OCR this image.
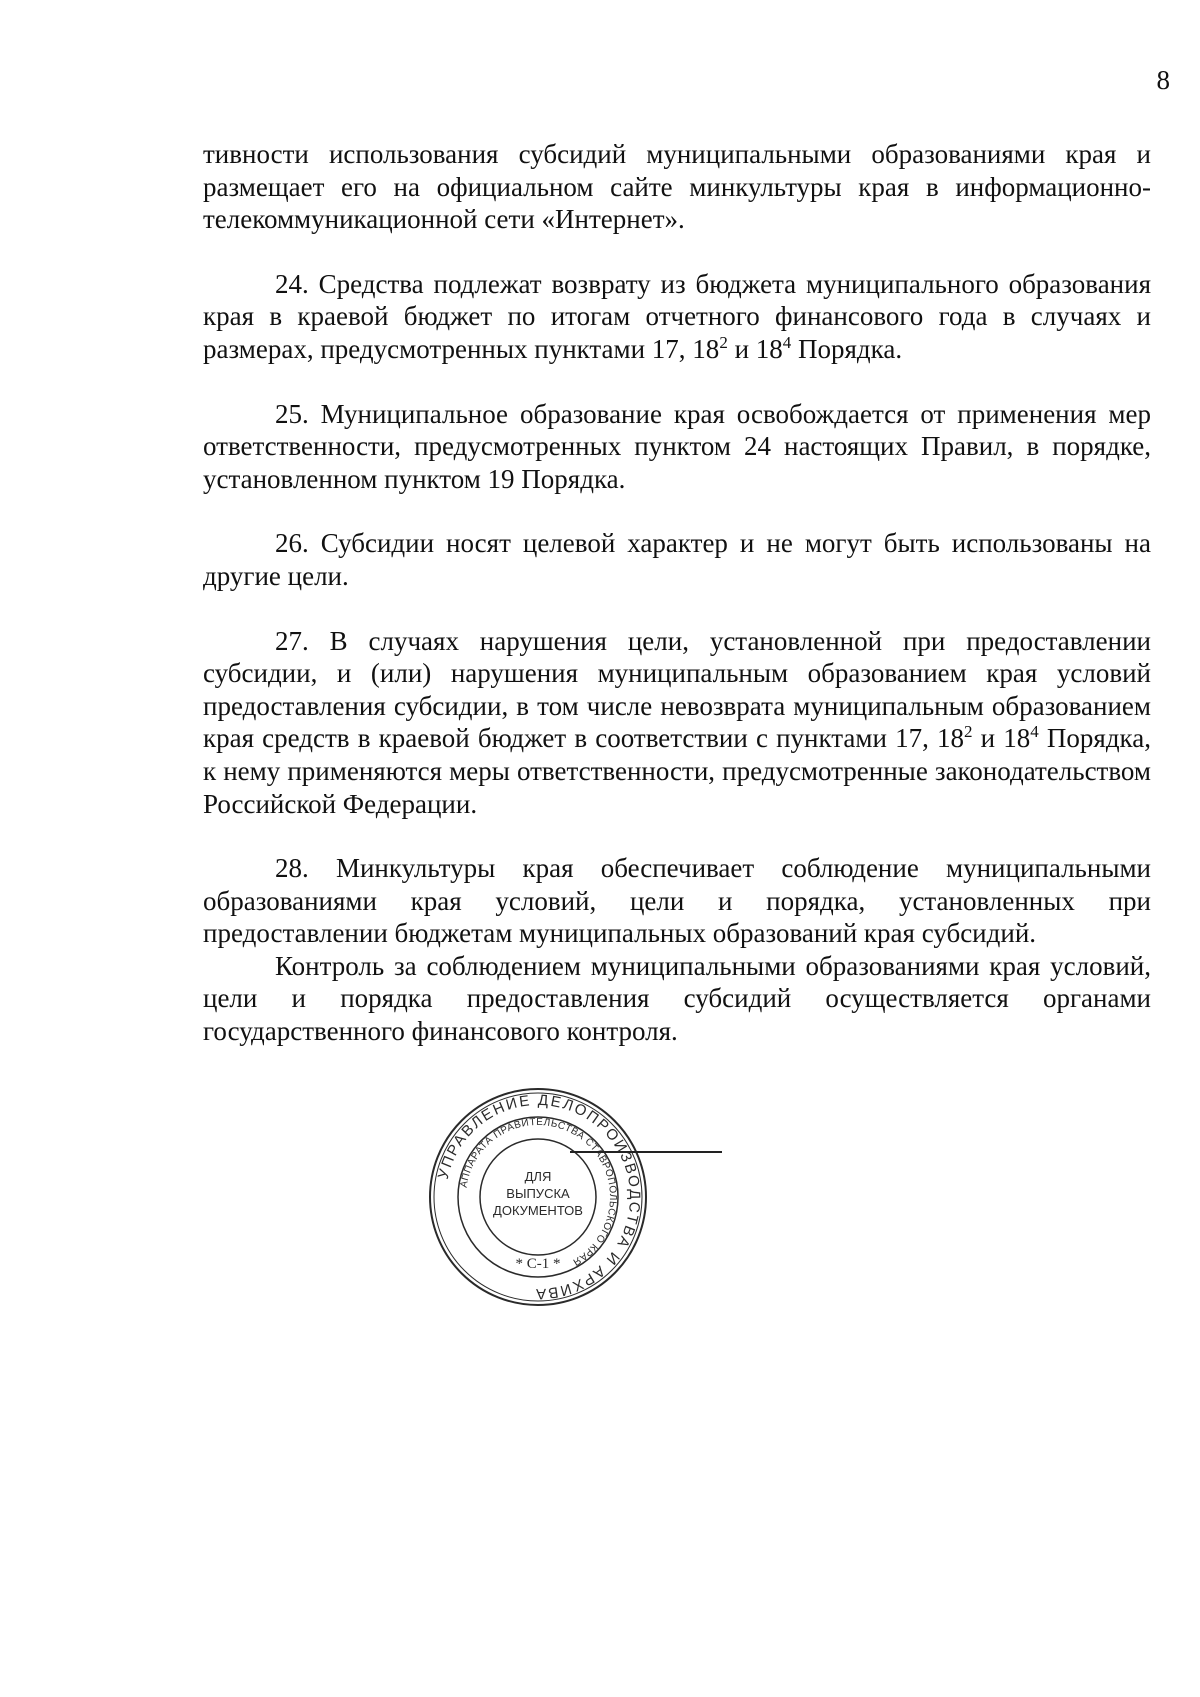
8

тивности использования субсидий муниципальными образованиями края и размещает его на официальном сайте минкультуры края в информационно-телекоммуникационной сети «Интернет».

24. Средства подлежат возврату из бюджета муниципального образования края в краевой бюджет по итогам отчетного финансового года в случаях и размерах, предусмотренных пунктами 17, $18^2$ и $18^4$ Порядка.

25. Муниципальное образование края освобождается от применения мер ответственности, предусмотренных пунктом 24 настоящих Правил, в порядке, установленном пунктом 19 Порядка.

26. Субсидии носят целевой характер и не могут быть использованы на другие цели.

27. В случаях нарушения цели, установленной при предоставлении субсидии, и (или) нарушения муниципальным образованием края условий предоставления субсидии, в том числе невозврата муниципальным образованием края средств в краевой бюджет в соответствии с пунктами 17, $18^2$ и $18^4$ Порядка, к нему применяются меры ответственности, предусмотренные законодательством Российской Федерации.

28. Минкультуры края обеспечивает соблюдение муниципальными образованиями края условий, цели и порядка, установленных при предоставлении бюджетам муниципальных образований края субсидий.

Контроль за соблюдением муниципальными образованиями края условий, цели и порядка предоставления субсидий осуществляется органами государственного финансового контроля.

УПРАВЛЕНИЕ ДЕЛОПРОИЗВОДСТВА И АРХИВА
АППАРАТА ПРАВИТЕЛЬСТВА СТАВРОПОЛЬСКОГО КРАЯ
ДЛЯ
ВЫПУСКА
ДОКУМЕНТОВ
* С-1 *
